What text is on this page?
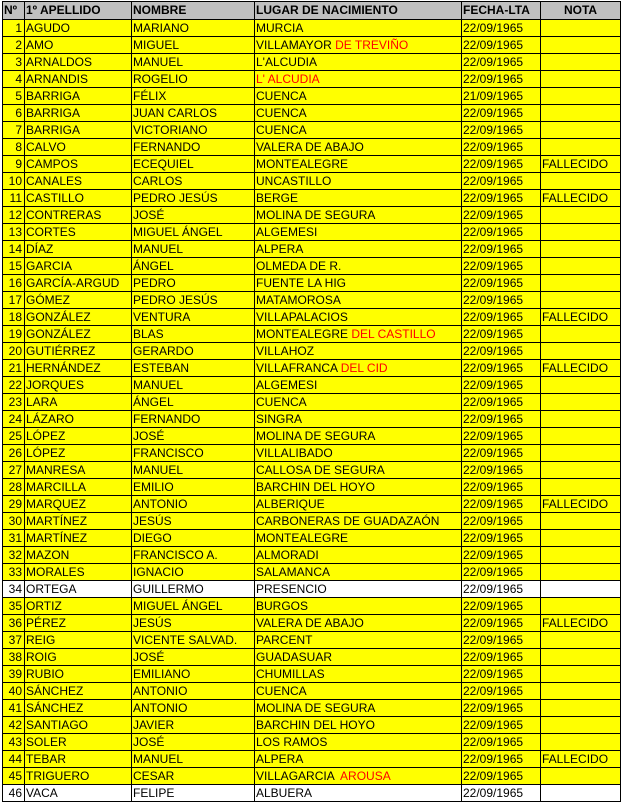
Nº	1º APELLIDO	NOMBRE	LUGAR DE NACIMIENTO	FECHA-LTA	NOTA
1	AGUDO	MARIANO	MURCIA	22/09/1965	
2	AMO	MIGUEL	VILLAMAYOR DE TREVIÑO	22/09/1965	
3	ARNALDOS	MANUEL	L'ALCUDIA	22/09/1965	
4	ARNANDIS	ROGELIO	L' ALCUDIA	22/09/1965	
5	BARRIGA	FÉLIX	CUENCA	21/09/1965	
6	BARRIGA	JUAN CARLOS	CUENCA	22/09/1965	
7	BARRIGA	VICTORIANO	CUENCA	22/09/1965	
8	CALVO	FERNANDO	VALERA DE ABAJO	22/09/1965	
9	CAMPOS	ECEQUIEL	MONTEALEGRE	22/09/1965	FALLECIDO
10	CANALES	CARLOS	UNCASTILLO	22/09/1965	
11	CASTILLO	PEDRO JESÚS	BERGE	22/09/1965	FALLECIDO
12	CONTRERAS	JOSÉ	MOLINA DE SEGURA	22/09/1965	
13	CORTES	MIGUEL ÁNGEL	ALGEMESI	22/09/1965	
14	DÍAZ	MANUEL	ALPERA	22/09/1965	
15	GARCIA	ÁNGEL	OLMEDA DE R.	22/09/1965	
16	GARCÍA-ARGUD	PEDRO	FUENTE LA HIG	22/09/1965	
17	GÓMEZ	PEDRO JESÚS	MATAMOROSA	22/09/1965	
18	GONZÁLEZ	VENTURA	VILLAPALACIOS	22/09/1965	FALLECIDO
19	GONZÁLEZ	BLAS	MONTEALEGRE DEL CASTILLO	22/09/1965	
20	GUTIÉRREZ	GERARDO	VILLAHOZ	22/09/1965	
21	HERNÁNDEZ	ESTEBAN	VILLAFRANCA DEL CID	22/09/1965	FALLECIDO
22	JORQUES	MANUEL	ALGEMESI	22/09/1965	
23	LARA	ÁNGEL	CUENCA	22/09/1965	
24	LÁZARO	FERNANDO	SINGRA	22/09/1965	
25	LÓPEZ	JOSÉ	MOLINA DE SEGURA	22/09/1965	
26	LÓPEZ	FRANCISCO	VILLALIBADO	22/09/1965	
27	MANRESA	MANUEL	CALLOSA DE SEGURA	22/09/1965	
28	MARCILLA	EMILIO	BARCHIN DEL HOYO	22/09/1965	
29	MARQUEZ	ANTONIO	ALBERIQUE	22/09/1965	FALLECIDO
30	MARTÍNEZ	JESÚS	CARBONERAS DE GUADAZAÓN	22/09/1965	
31	MARTÍNEZ	DIEGO	MONTEALEGRE	22/09/1965	
32	MAZON	FRANCISCO A.	ALMORADI	22/09/1965	
33	MORALES	IGNACIO	SALAMANCA	22/09/1965	
34	ORTEGA	GUILLERMO	PRESENCIO	22/09/1965	
35	ORTIZ	MIGUEL ÁNGEL	BURGOS	22/09/1965	
36	PÉREZ	JESÚS	VALERA DE ABAJO	22/09/1965	FALLECIDO
37	REIG	VICENTE SALVAD.	PARCENT	22/09/1965	
38	ROIG	JOSÉ	GUADASUAR	22/09/1965	
39	RUBIO	EMILIANO	CHUMILLAS	22/09/1965	
40	SÁNCHEZ	ANTONIO	CUENCA	22/09/1965	
41	SÁNCHEZ	ANTONIO	MOLINA DE SEGURA	22/09/1965	
42	SANTIAGO	JAVIER	BARCHIN DEL HOYO	22/09/1965	
43	SOLER	JOSÉ	LOS RAMOS	22/09/1965	
44	TEBAR	MANUEL	ALPERA	22/09/1965	FALLECIDO
45	TRIGUERO	CESAR	VILLAGARCIA  AROUSA	22/09/1965	
46	VACA	FELIPE	ALBUERA	22/09/1965	
